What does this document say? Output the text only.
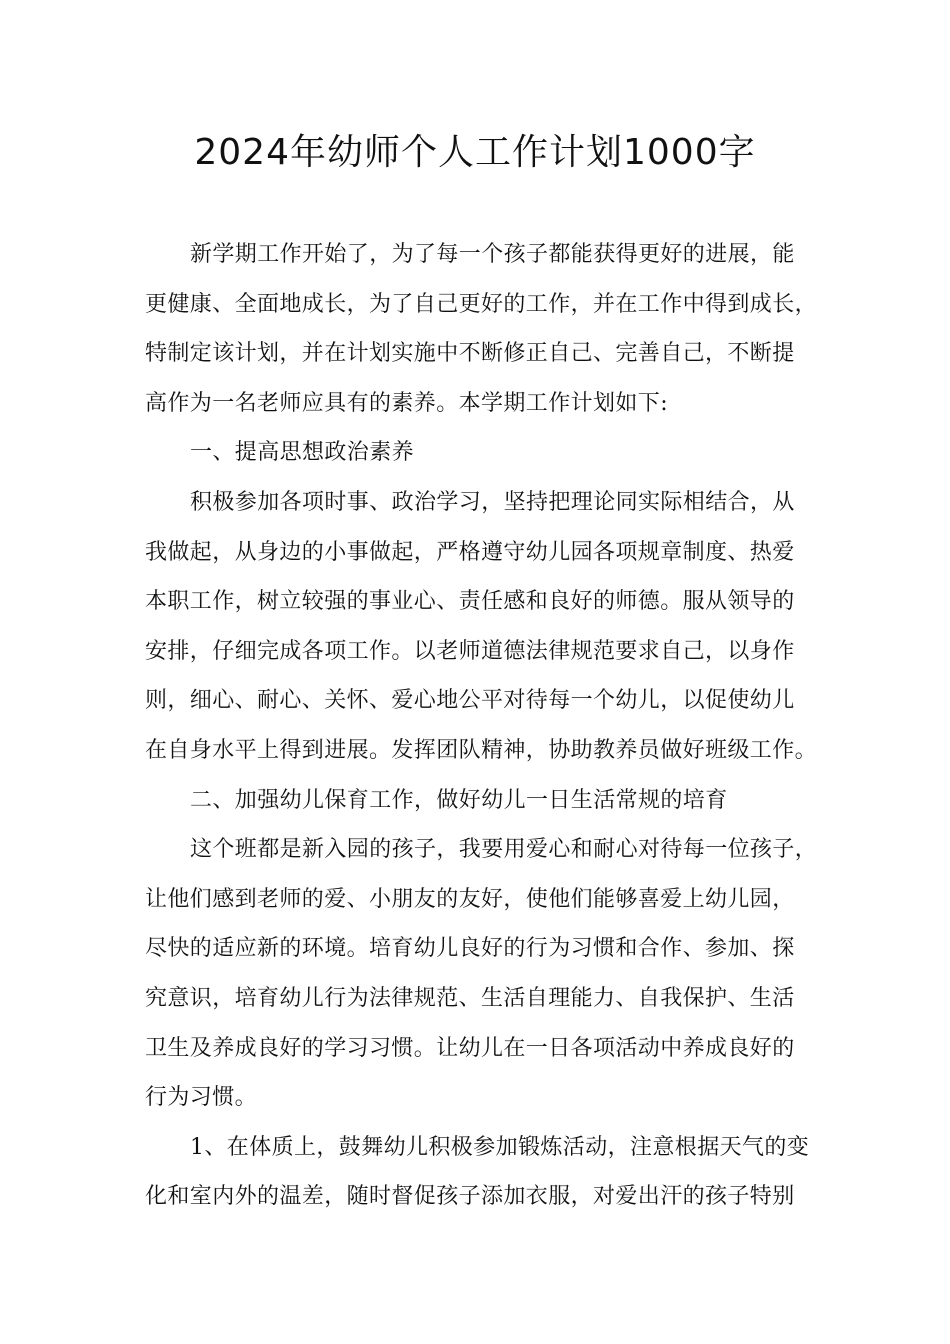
2024年幼师个人工作计划1000字
新学期工作开始了，为了每一个孩子都能获得更好的进展，能
更健康、全面地成长，为了自己更好的工作，并在工作中得到成长，
特制定该计划，并在计划实施中不断修正自己、完善自己，不断提
高作为一名老师应具有的素养。本学期工作计划如下:
一、提高思想政治素养
积极参加各项时事、政治学习，坚持把理论同实际相结合，从
我做起，从身边的小事做起，严格遵守幼儿园各项规章制度、热爱
本职工作，树立较强的事业心、责任感和良好的师德。服从领导的
安排，仔细完成各项工作。以老师道德法律规范要求自己，以身作
则，细心、耐心、关怀、爱心地公平对待每一个幼儿，以促使幼儿
在自身水平上得到进展。发挥团队精神，协助教养员做好班级工作。
二、加强幼儿保育工作，做好幼儿一日生活常规的培育
这个班都是新入园的孩子，我要用爱心和耐心对待每一位孩子，
让他们感到老师的爱、小朋友的友好，使他们能够喜爱上幼儿园，
尽快的适应新的环境。培育幼儿良好的行为习惯和合作、参加、探
究意识，培育幼儿行为法律规范、生活自理能力、自我保护、生活
卫生及养成良好的学习习惯。让幼儿在一日各项活动中养成良好的
行为习惯。
1、在体质上，鼓舞幼儿积极参加锻炼活动，注意根据天气的变
化和室内外的温差，随时督促孩子添加衣服，对爱出汗的孩子特别
